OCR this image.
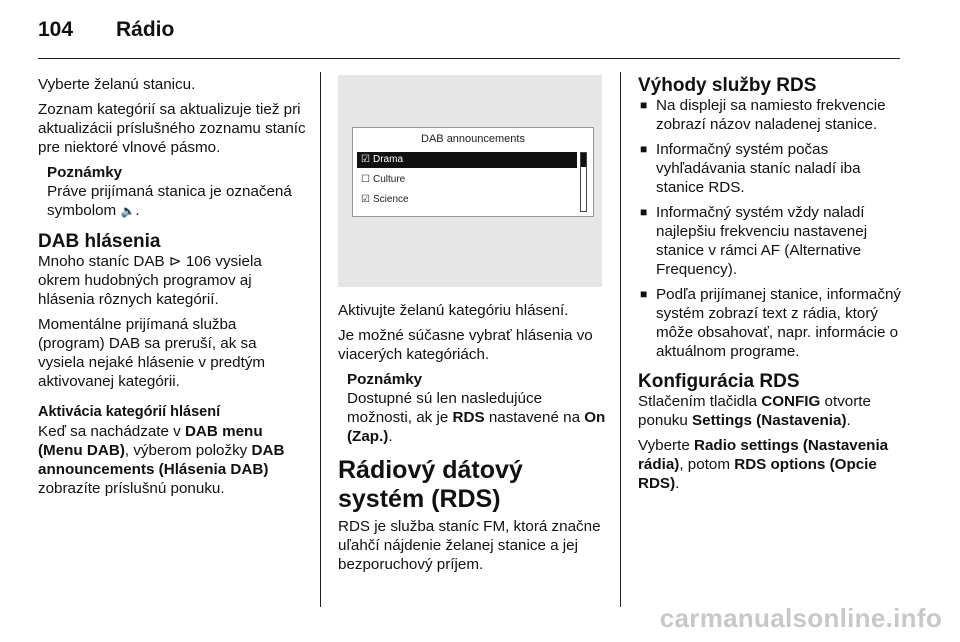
104 Rádio

Vyberte želanú stanicu.

Zoznam kategórií sa aktualizuje tiež pri aktualizácii príslušného zoznamu staníc pre niektoré vlnové pásmo.

Poznámky
Práve prijímaná stanica je označená symbolom 🔈.
DAB hlásenia

Mnoho staníc DAB ⊳ 106 vysiela okrem hudobných programov aj hlásenia rôznych kategórií.

Momentálne prijímaná služba (program) DAB sa preruší, ak sa vysiela nejaké hlásenie v predtým aktivovanej kategórii.

Aktivácia kategórií hlásení

Keď sa nachádzate v DAB menu (Menu DAB), výberom položky DAB announcements (Hlásenia DAB) zobrazíte príslušnú ponuku.

DAB announcements
☑ Drama
☐ Culture
☑ Science

Aktivujte želanú kategóriu hlásení.

Je možné súčasne vybrať hlásenia vo viacerých kategóriách.

Poznámky
Dostupné sú len nasledujúce možnosti, ak je RDS nastavené na On (Zap.).
Rádiový dátový systém (RDS)

RDS je služba staníc FM, ktorá značne uľahčí nájdenie želanej stanice a jej bezporuchový príjem.

Výhody služby RDS
■ Na displeji sa namiesto frekvencie zobrazí názov naladenej stanice.
■ Informačný systém počas vyhľadávania staníc naladí iba stanice RDS.
■ Informačný systém vždy naladí najlepšiu frekvenciu nastavenej stanice v rámci AF (Alternative Frequency).
■ Podľa prijímanej stanice, informačný systém zobrazí text z rádia, ktorý môže obsahovať, napr. informácie o aktuálnom programe.
Konfigurácia RDS

Stlačením tlačidla CONFIG otvorte ponuku Settings (Nastavenia).

Vyberte Radio settings (Nastavenia rádia), potom RDS options (Opcie RDS).

carmanualsonline.info
